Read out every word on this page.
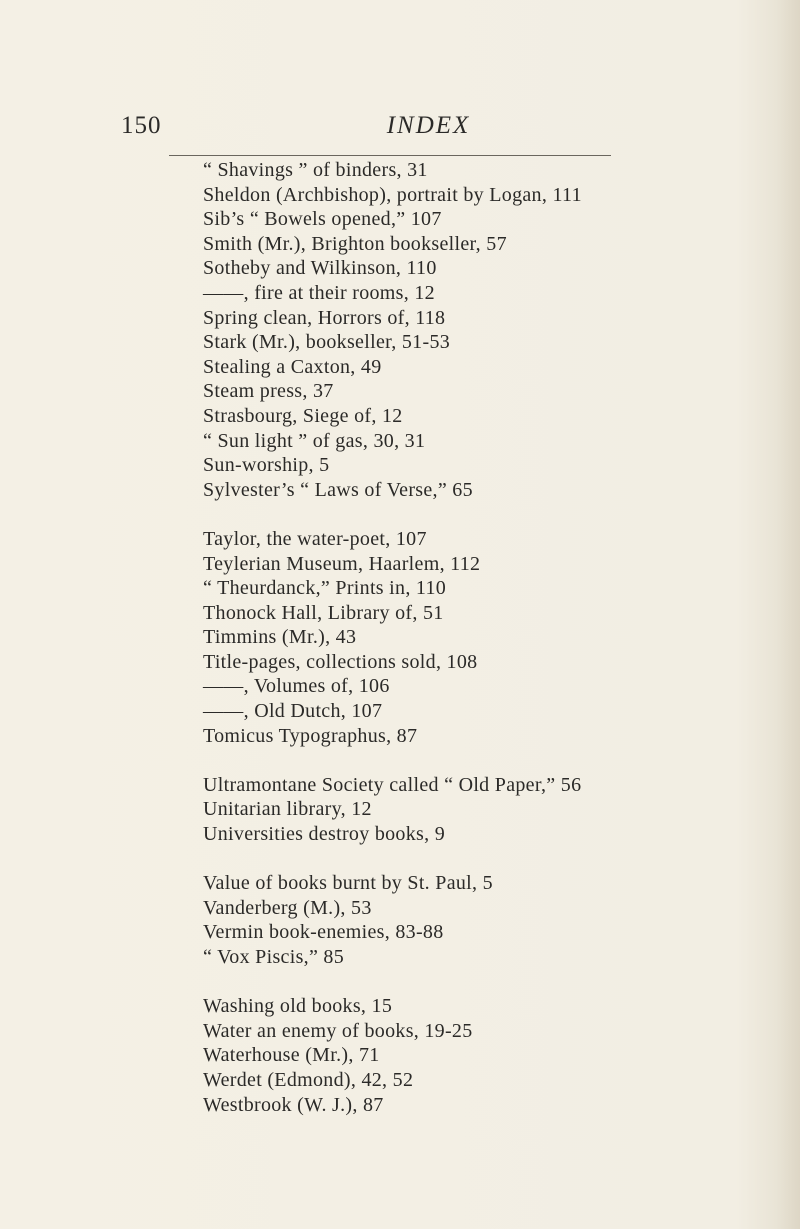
150	INDEX
“ Shavings ” of binders, 31
Sheldon (Archbishop), portrait by Logan, 111
Sib’s “ Bowels opened,” 107
Smith (Mr.), Brighton bookseller, 57
Sotheby and Wilkinson, 110
——, fire at their rooms, 12
Spring clean, Horrors of, 118
Stark (Mr.), bookseller, 51-53
Stealing a Caxton, 49
Steam press, 37
Strasbourg, Siege of, 12
“ Sun light ” of gas, 30, 31
Sun-worship, 5
Sylvester’s “ Laws of Verse,” 65
Taylor, the water-poet, 107
Teylerian Museum, Haarlem, 112
“ Theurdanck,” Prints in, 110
Thonock Hall, Library of, 51
Timmins (Mr.), 43
Title-pages, collections sold, 108
——, Volumes of, 106
——, Old Dutch, 107
Tomicus Typographus, 87
Ultramontane Society called “ Old Paper,” 56
Unitarian library, 12
Universities destroy books, 9
Value of books burnt by St. Paul, 5
Vanderberg (M.), 53
Vermin book-enemies, 83-88
“ Vox Piscis,” 85
Washing old books, 15
Water an enemy of books, 19-25
Waterhouse (Mr.), 71
Werdet (Edmond), 42, 52
Westbrook (W. J.), 87
